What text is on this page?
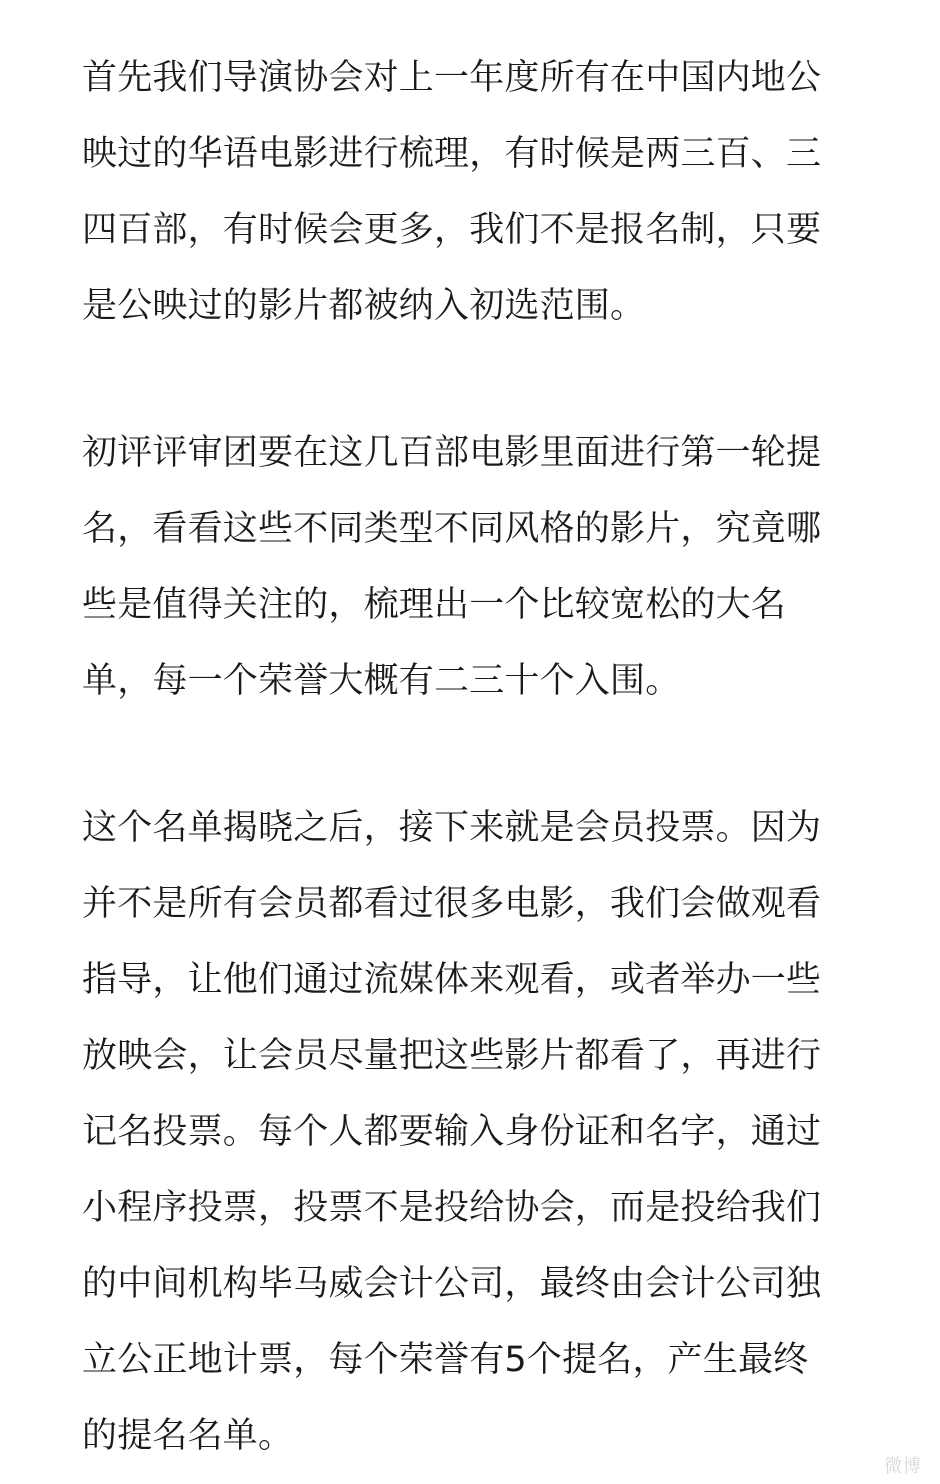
首先我们导演协会对上一年度所有在中国内地公
映过的华语电影进行梳理，有时候是两三百、三
四百部，有时候会更多，我们不是报名制，只要
是公映过的影片都被纳入初选范围。
初评评审团要在这几百部电影里面进行第一轮提
名，看看这些不同类型不同风格的影片，究竟哪
些是值得关注的，梳理出一个比较宽松的大名
单，每一个荣誉大概有二三十个入围。
这个名单揭晓之后，接下来就是会员投票。因为
并不是所有会员都看过很多电影，我们会做观看
指导，让他们通过流媒体来观看，或者举办一些
放映会，让会员尽量把这些影片都看了，再进行
记名投票。每个人都要输入身份证和名字，通过
小程序投票，投票不是投给协会，而是投给我们
的中间机构毕马威会计公司，最终由会计公司独
立公正地计票，每个荣誉有5个提名，产生最终
的提名名单。
微博
